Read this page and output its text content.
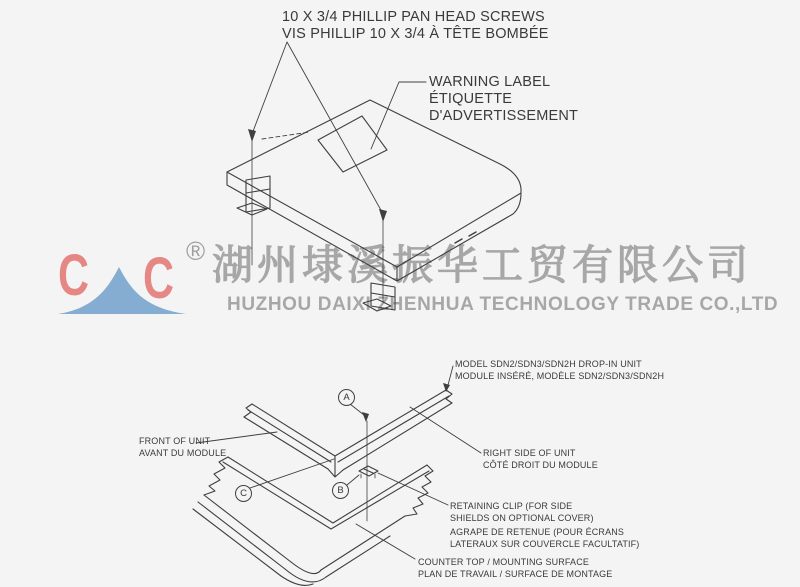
C C ® 湖州埭溪振华工贸有限公司
HUZHOU DAIXI ZHENHUA TECHNOLOGY TRADE CO.,LTD
10 X 3/4 PHILLIP PAN HEAD SCREWS
VIS PHILLIP 10 X 3/4 À TÊTE BOMBÉE
WARNING LABEL
ÉTIQUETTE
D'ADVERTISSEMENT
MODEL SDN2/SDN3/SDN2H DROP-IN UNIT
MODULE INSÉRÉ, MODÈLE SDN2/SDN3/SDN2H
FRONT OF UNIT
AVANT DU MODULE	RIGHT SIDE OF UNIT
CÔTÉ DROIT DU MODULE
RETAINING CLIP (FOR SIDE
SHIELDS ON OPTIONAL COVER)
AGRAPE DE RETENUE (POUR ÉCRANS
LATERAUX SUR COUVERCLE FACULTATIF)
COUNTER TOP / MOUNTING SURFACE
PLAN DE TRAVAIL / SURFACE DE MONTAGE
A
B
C
